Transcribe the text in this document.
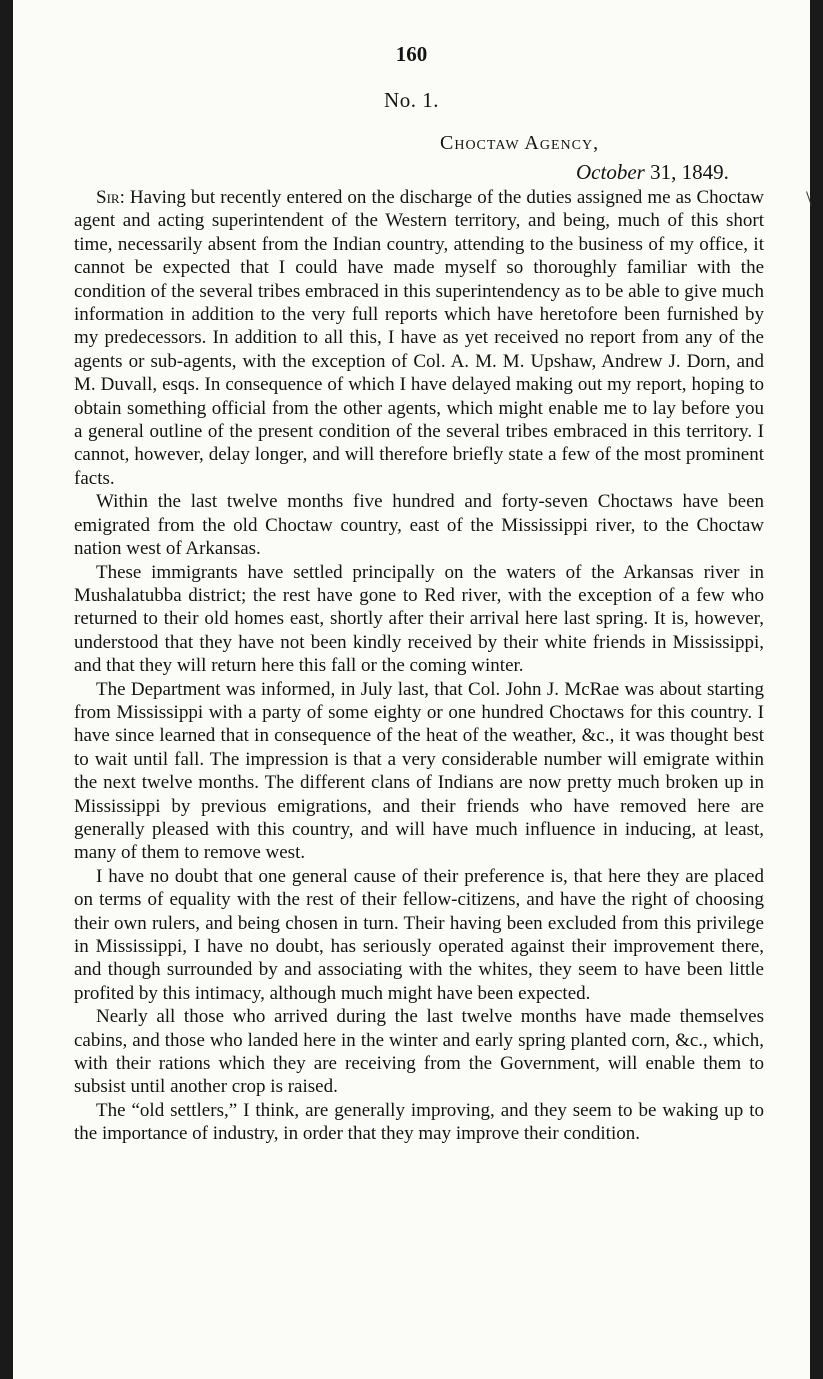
\
160
No. 1.
Choctaw Agency,
October 31, 1849.

Sir: Having but recently entered on the discharge of the duties assigned me as Choctaw agent and acting superintendent of the Western territory, and being, much of this short time, necessarily absent from the Indian country, attending to the business of my office, it cannot be expected that I could have made myself so thoroughly familiar with the condition of the several tribes embraced in this superintendency as to be able to give much information in addition to the very full reports which have heretofore been furnished by my predecessors. In addition to all this, I have as yet received no report from any of the agents or sub-agents, with the exception of Col. A. M. M. Upshaw, Andrew J. Dorn, and M. Duvall, esqs. In consequence of which I have delayed making out my report, hoping to obtain something official from the other agents, which might enable me to lay before you a general outline of the present condition of the several tribes embraced in this territory. I cannot, however, delay longer, and will therefore briefly state a few of the most prominent facts.

Within the last twelve months five hundred and forty-seven Choctaws have been emigrated from the old Choctaw country, east of the Mississippi river, to the Choctaw nation west of Arkansas.

These immigrants have settled principally on the waters of the Arkansas river in Mushalatubba district; the rest have gone to Red river, with the exception of a few who returned to their old homes east, shortly after their arrival here last spring. It is, however, understood that they have not been kindly received by their white friends in Mississippi, and that they will return here this fall or the coming winter.

The Department was informed, in July last, that Col. John J. McRae was about starting from Mississippi with a party of some eighty or one hundred Choctaws for this country. I have since learned that in consequence of the heat of the weather, &c., it was thought best to wait until fall. The impression is that a very considerable number will emigrate within the next twelve months. The different clans of Indians are now pretty much broken up in Mississippi by previous emigrations, and their friends who have removed here are generally pleased with this country, and will have much influence in inducing, at least, many of them to remove west.

I have no doubt that one general cause of their preference is, that here they are placed on terms of equality with the rest of their fellow-citizens, and have the right of choosing their own rulers, and being chosen in turn. Their having been excluded from this privilege in Mississippi, I have no doubt, has seriously operated against their improvement there, and though surrounded by and associating with the whites, they seem to have been little profited by this intimacy, although much might have been expected.

Nearly all those who arrived during the last twelve months have made themselves cabins, and those who landed here in the winter and early spring planted corn, &c., which, with their rations which they are receiving from the Government, will enable them to subsist until another crop is raised.

The “old settlers,” I think, are generally improving, and they seem to be waking up to the importance of industry, in order that they may improve their condition.
